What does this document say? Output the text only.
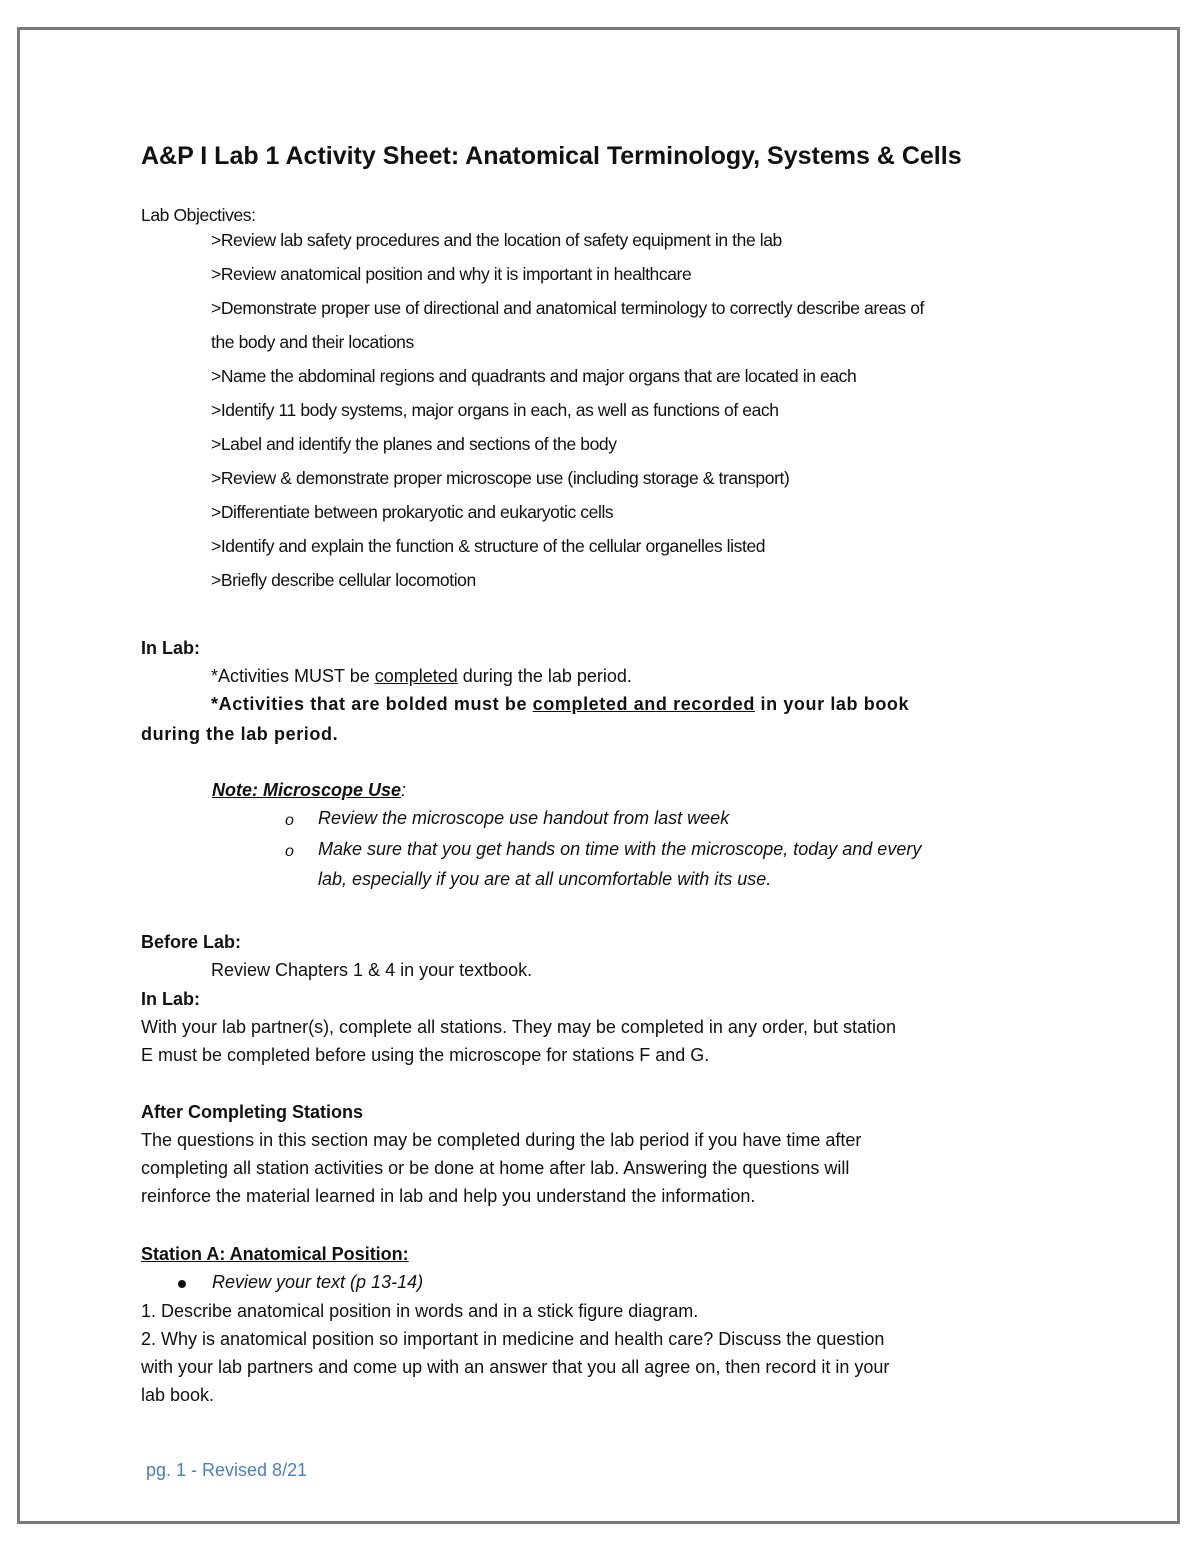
A&P I Lab 1 Activity Sheet: Anatomical Terminology, Systems & Cells
Lab Objectives:
>Review lab safety procedures and the location of safety equipment in the lab
>Review anatomical position and why it is important in healthcare
>Demonstrate proper use of directional and anatomical terminology to correctly describe areas of
the body and their locations
>Name the abdominal regions and quadrants and major organs that are located in each
>Identify 11 body systems, major organs in each, as well as functions of each
>Label and identify the planes and sections of the body
>Review & demonstrate proper microscope use (including storage & transport)
>Differentiate between prokaryotic and eukaryotic cells
>Identify and explain the function & structure of the cellular organelles listed
>Briefly describe cellular locomotion
In Lab:
*Activities MUST be completed during the lab period.
*Activities that are bolded must be completed and recorded in your lab book
during the lab period.
Note: Microscope Use:
o Review the microscope use handout from last week
o Make sure that you get hands on time with the microscope, today and every
lab, especially if you are at all uncomfortable with its use.
Before Lab:
Review Chapters 1 & 4 in your textbook.
In Lab:
With your lab partner(s), complete all stations. They may be completed in any order, but station
E must be completed before using the microscope for stations F and G.
After Completing Stations
The questions in this section may be completed during the lab period if you have time after
completing all station activities or be done at home after lab. Answering the questions will
reinforce the material learned in lab and help you understand the information.
Station A: Anatomical Position:
Review your text (p 13-14)
1. Describe anatomical position in words and in a stick figure diagram.
2. Why is anatomical position so important in medicine and health care? Discuss the question
with your lab partners and come up with an answer that you all agree on, then record it in your
lab book.
pg. 1 - Revised 8/21
